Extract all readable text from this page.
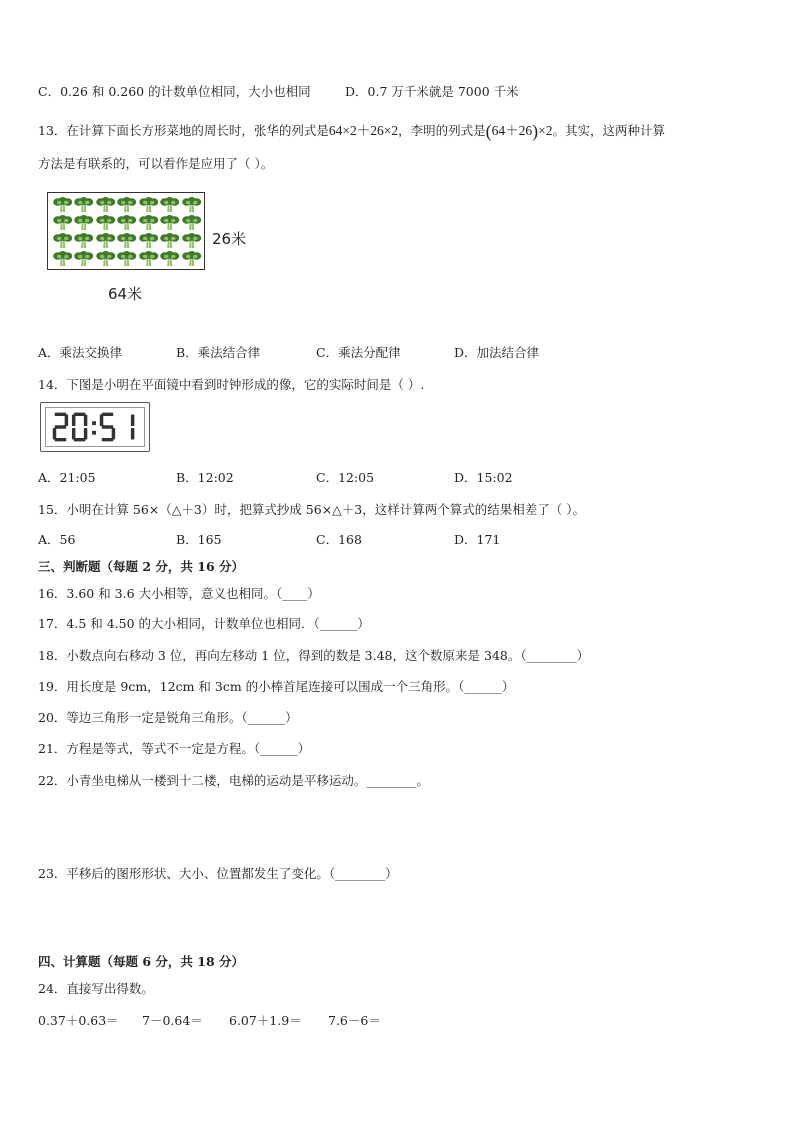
C．0.26 和 0.260 的计数单位相同，大小也相同	D．0.7 万千米就是 7000 千米
13．在计算下面长方形菜地的周长时，张华的列式是64×2＋26×2，李明的列式是(64＋26)×2。其实，这两种计算
方法是有联系的，可以看作是应用了（ ）。
26米
64米
A．乘法交换律	B．乘法结合律	C．乘法分配律	D．加法结合律
14．下图是小明在平面镜中看到时钟形成的像，它的实际时间是（ ）.
A．21:05	B．12:02	C．12:05	D．15:02
15．小明在计算 56×（△＋3）时，把算式抄成 56×△＋3，这样计算两个算式的结果相差了（ ）。
A．56	B．165	C．168	D．171
三、判断题（每题 2 分，共 16 分）
16．3.60 和 3.6 大小相等，意义也相同。（____）
17．4.5 和 4.50 的大小相同，计数单位也相同．（______）
18．小数点向右移动 3 位，再向左移动 1 位，得到的数是 3.48，这个数原来是 348。（________）
19．用长度是 9cm，12cm 和 3cm 的小棒首尾连接可以围成一个三角形。（______）
20．等边三角形一定是锐角三角形。（______）
21．方程是等式，等式不一定是方程。（______）
22．小青坐电梯从一楼到十二楼，电梯的运动是平移运动。________。
23．平移后的图形形状、大小、位置都发生了变化。（________）
四、计算题（每题 6 分，共 18 分）
24．直接写出得数。
0.37＋0.63＝ 7－0.64＝ 6.07＋1.9＝ 7.6－6＝
